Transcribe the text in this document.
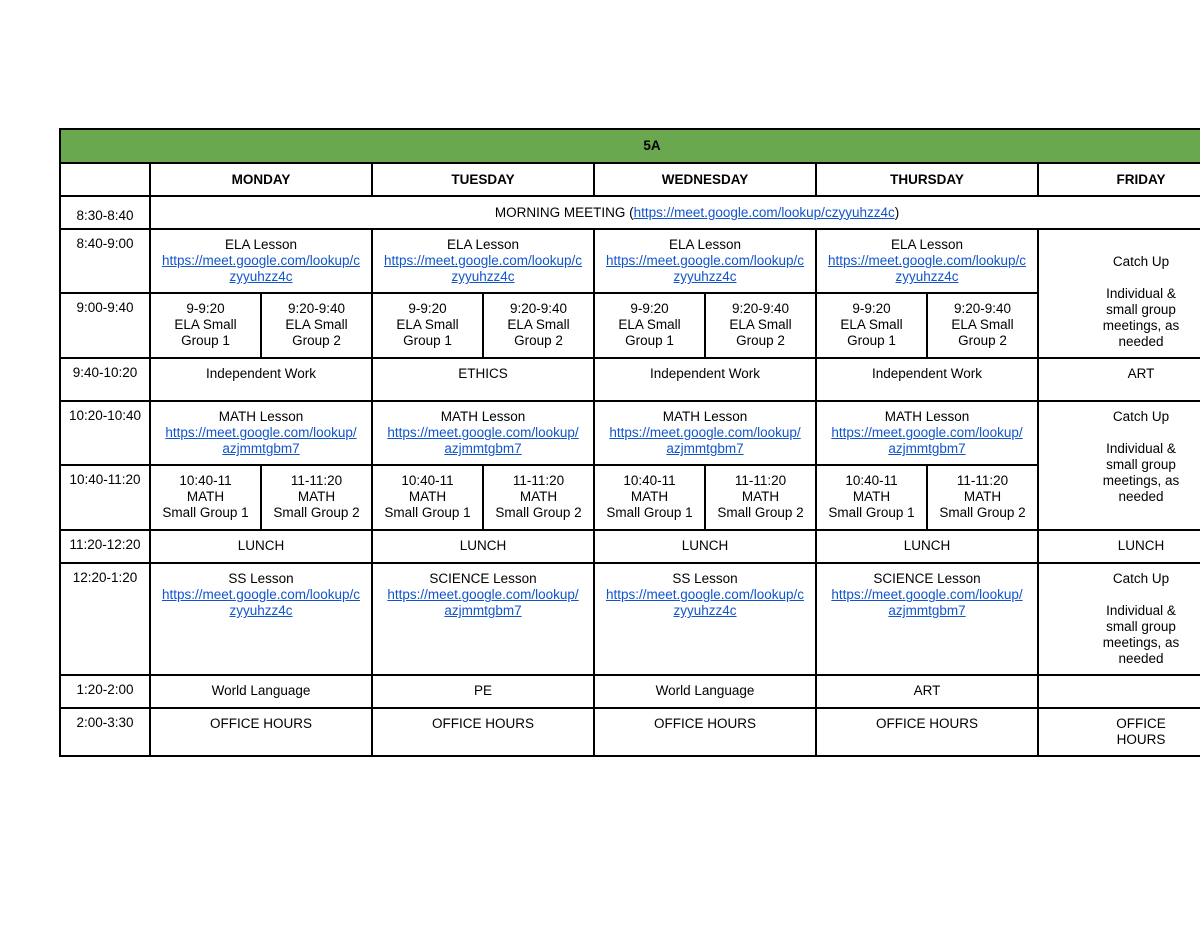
5A									
	MONDAY		TUESDAY		WEDNESDAY		THURSDAY		FRIDAY
8:30-8:40	MORNING MEETING (https://meet.google.com/lookup/czyyuhzz4c)								
8:40-9:00	ELA Lesson
https://meet.google.com/lookup/c
zyyuhzz4c		ELA Lesson
https://meet.google.com/lookup/c
zyyuhzz4c		ELA Lesson
https://meet.google.com/lookup/c
zyyuhzz4c		ELA Lesson
https://meet.google.com/lookup/c
zyyuhzz4c		Catch Up
Individual &
small group
meetings, as
needed

9:00-9:40	9-9:20
ELA Small
Group 1	9:20-9:40
ELA Small
Group 2	9-9:20
ELA Small
Group 1	9:20-9:40
ELA Small
Group 2	9-9:20
ELA Small
Group 1	9:20-9:40
ELA Small
Group 2	9-9:20
ELA Small
Group 1	9:20-9:40
ELA Small
Group 2	

9:40-10:20	Independent Work		ETHICS		Independent Work		Independent Work		ART
10:20-10:40	MATH Lesson
https://meet.google.com/lookup/
azjmmtgbm7		MATH Lesson
https://meet.google.com/lookup/
azjmmtgbm7		MATH Lesson
https://meet.google.com/lookup/
azjmmtgbm7		MATH Lesson
https://meet.google.com/lookup/
azjmmtgbm7		Catch Up
Individual &
small group
meetings, as
needed

10:40-11:20	10:40-11
MATH
Small Group 1	11-11:20
MATH
Small Group 2	10:40-11
MATH
Small Group 1	11-11:20
MATH
Small Group 2	10:40-11
MATH
Small Group 1	11-11:20
MATH
Small Group 2	10:40-11
MATH
Small Group 1	11-11:20
MATH
Small Group 2	

11:20-12:20	LUNCH		LUNCH		LUNCH		LUNCH		LUNCH
12:20-1:20	SS Lesson
https://meet.google.com/lookup/c
zyyuhzz4c		SCIENCE Lesson
https://meet.google.com/lookup/
azjmmtgbm7		SS Lesson
https://meet.google.com/lookup/c
zyyuhzz4c		SCIENCE Lesson
https://meet.google.com/lookup/
azjmmtgbm7		Catch Up
Individual &
small group
meetings, as
needed

1:20-2:00	World Language		PE		World Language		ART		
2:00-3:30	OFFICE HOURS		OFFICE HOURS		OFFICE HOURS		OFFICE HOURS		OFFICE
HOURS
